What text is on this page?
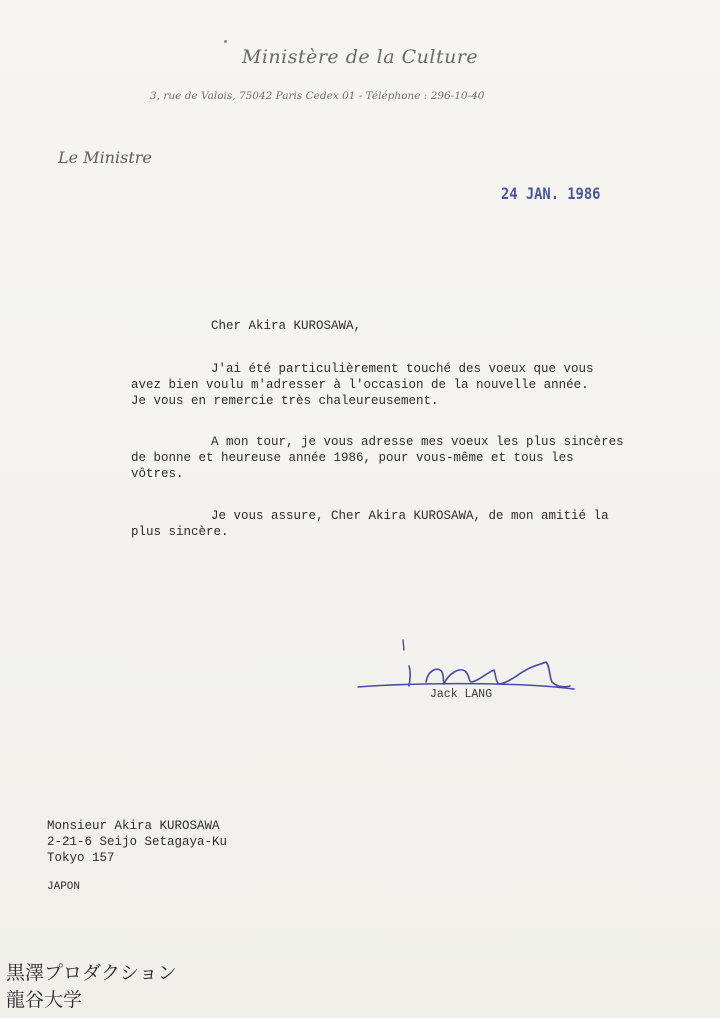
Ministère de la Culture
3, rue de Valois, 75042 Paris Cedex 01 - Téléphone : 296-10-40
Le Ministre
24 JAN. 1986
Cher Akira KUROSAWA,
J'ai été particulièrement touché des voeux que vous
avez bien voulu m'adresser à l'occasion de la nouvelle année.
Je vous en remercie très chaleureusement.
A mon tour, je vous adresse mes voeux les plus sincères
de bonne et heureuse année 1986, pour vous-même et tous les
vôtres.
Je vous assure, Cher Akira KUROSAWA, de mon amitié la
plus sincère.
Jack LANG
Monsieur Akira KUROSAWA
2-21-6 Seijo Setagaya-Ku
Tokyo 157
JAPON
黒澤プロダクション
龍谷大学
